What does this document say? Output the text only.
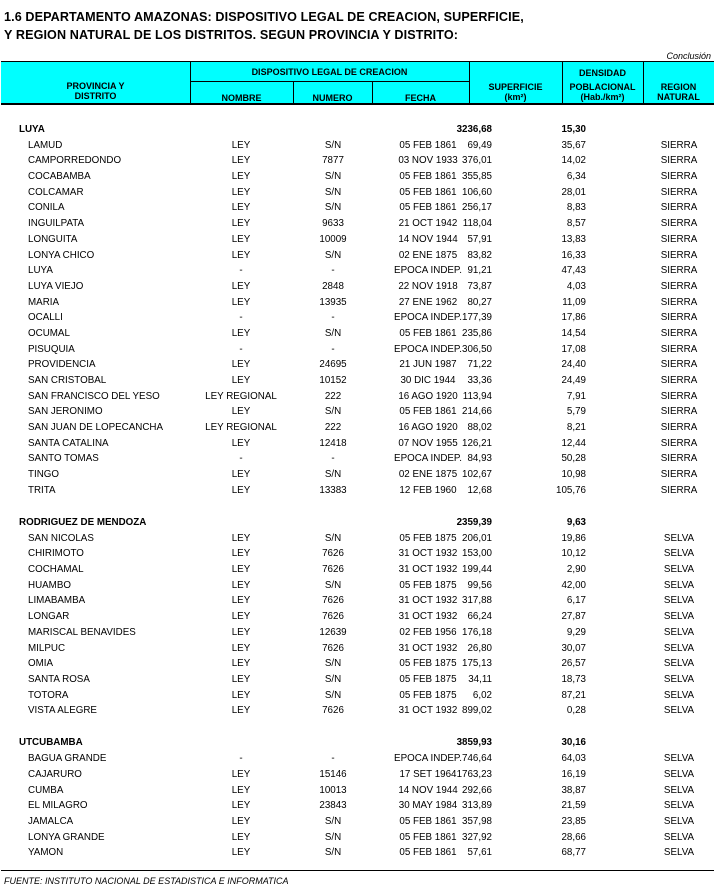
1.6 DEPARTAMENTO AMAZONAS: DISPOSITIVO LEGAL DE CREACION, SUPERFICIE,
Y REGION NATURAL DE LOS DISTRITOS. SEGUN PROVINCIA Y DISTRITO:
Conclusión
PROVINCIA Y
DISTRITO
DISPOSITIVO LEGAL DE CREACION
NOMBRE	NUMERO	FECHA
SUPERFICIE
(km²)
DENSIDAD
POBLACIONAL
(Hab./km²)
REGION
NATURAL
LUYA	3236,68	15,30
LAMUD	LEY	S/N	05 FEB 1861	69,49	35,67	SIERRA
CAMPORREDONDO	LEY	7877	03 NOV 1933 376,01	14,02	SIERRA
COCABAMBA	LEY	S/N	05 FEB 1861 355,85	6,34	SIERRA
COLCAMAR	LEY	S/N	05 FEB 1861 106,60	28,01	SIERRA
CONILA	LEY	S/N	05 FEB 1861 256,17	8,83	SIERRA
INGUILPATA	LEY	9633	21 OCT 1942 118,04	8,57	SIERRA
LONGUITA	LEY	10009	14 NOV 1944 57,91	13,83	SIERRA
LONYA CHICO	LEY	S/N	02 ENE 1875	83,82	16,33	SIERRA
LUYA	-	-	EPOCA INDEP. 91,21	47,43	SIERRA
LUYA VIEJO	LEY	2848	22 NOV 1918 73,87	4,03	SIERRA
MARIA	LEY	13935	27 ENE 1962	80,27	11,09	SIERRA
OCALLI	-	-	EPOCA INDEP. 177,39	17,86	SIERRA
OCUMAL	LEY	S/N	05 FEB 1861 235,86	14,54	SIERRA
PISUQUIA	-	-	EPOCA INDEP. 306,50	17,08	SIERRA
PROVIDENCIA	LEY	24695	21 JUN 1987	71,22	24,40	SIERRA
SAN CRISTOBAL	LEY	10152	30 DIC 1944	33,36	24,49	SIERRA
SAN FRANCISCO DEL YESO	LEY REGIONAL	222	16 AGO 1920 113,94	7,91	SIERRA
SAN JERONIMO	LEY	S/N	05 FEB 1861 214,66	5,79	SIERRA
SAN JUAN DE LOPECANCHA	LEY REGIONAL	222	16 AGO 1920 88,02	8,21	SIERRA
SANTA CATALINA	LEY	12418	07 NOV 1955 126,21	12,44	SIERRA
SANTO TOMAS	-	-	EPOCA INDEP. 84,93	50,28	SIERRA
TINGO	LEY	S/N	02 ENE 1875 102,67	10,98	SIERRA
TRITA	LEY	13383	12 FEB 1960	12,68	105,76	SIERRA
RODRIGUEZ DE MENDOZA	2359,39	9,63
SAN NICOLAS	LEY	S/N	05 FEB 1875 206,01	19,86	SELVA
CHIRIMOTO	LEY	7626	31 OCT 1932 153,00	10,12	SELVA
COCHAMAL	LEY	7626	31 OCT 1932 199,44	2,90	SELVA
HUAMBO	LEY	S/N	05 FEB 1875	99,56	42,00	SELVA
LIMABAMBA	LEY	7626	31 OCT 1932 317,88	6,17	SELVA
LONGAR	LEY	7626	31 OCT 1932	66,24	27,87	SELVA
MARISCAL BENAVIDES	LEY	12639	02 FEB 1956 176,18	9,29	SELVA
MILPUC	LEY	7626	31 OCT 1932	26,80	30,07	SELVA
OMIA	LEY	S/N	05 FEB 1875 175,13	26,57	SELVA
SANTA ROSA	LEY	S/N	05 FEB 1875	34,11	18,73	SELVA
TOTORA	LEY	S/N	05 FEB 1875	6,02	87,21	SELVA
VISTA ALEGRE	LEY	7626	31 OCT 1932 899,02	0,28	SELVA
UTCUBAMBA	3859,93	30,16
BAGUA GRANDE	-	-	EPOCA INDEP. 746,64	64,03	SELVA
CAJARURO	LEY	15146	17 SET 1964 1763,23	16,19	SELVA
CUMBA	LEY	10013	14 NOV 1944 292,66	38,87	SELVA
EL MILAGRO	LEY	23843	30 MAY 1984 313,89	21,59	SELVA
JAMALCA	LEY	S/N	05 FEB 1861 357,98	23,85	SELVA
LONYA GRANDE	LEY	S/N	05 FEB 1861 327,92	28,66	SELVA
YAMON	LEY	S/N	05 FEB 1861	57,61	68,77	SELVA
FUENTE: INSTITUTO NACIONAL DE ESTADISTICA E INFORMATICA
